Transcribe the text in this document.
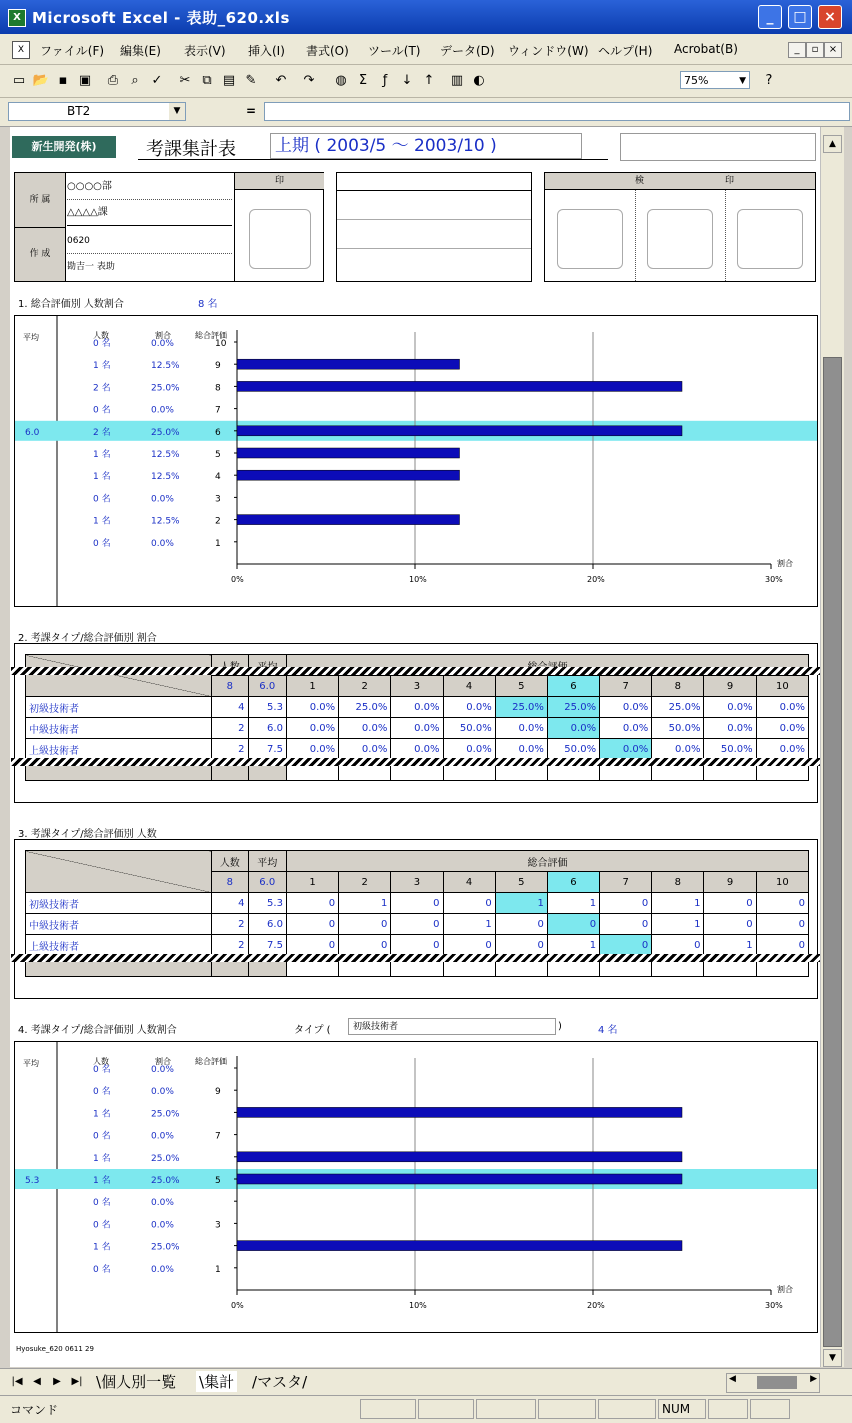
X Microsoft Excel - 表助_620.xls	_	□	×
X	ファイル(F) 編集(E) 表示(V) 挿入(I) 書式(O) ツール(T) データ(D) ウィンドウ(W) ヘルプ(H) Acrobat(B)	_	▫	×
▭ 📂 ▪ ▣ ⎙	⌕ ✓ ✂ ⧉ ▤ ✎ ↶ ↷ ◍ Σ	ƒ	↓ ↑ ▥ ◐	75%	▼	?
BT2	▼	=
新生開発(株)	考課集計表 上期 ( 2003/5 ～ 2003/10 )
所 属
作 成
○○○○部
△△△△課
0620
勘吉一 表助
印	検	印
1. 総合評価別 人数割合	8 名
平均	人数	割合	総合評価
6.0
0%	10%	20%	30%
割合
0 名	0.0%	10
1 名	12.5%	9
2 名	25.0%	8
0 名	0.0%	7
2 名	25.0%	6
1 名	12.5%	5
1 名	12.5%	4
0 名	0.0%	3
1 名	12.5%	2
0 名	0.0%	1
2. 考課タイプ/総合評価別 割合

	8	6.0	1	2	3	4	5	6	7	8	9	10
初級技術者	4	5.3	0.0%	25.0%	0.0%	0.0%	25.0%	25.0%	0.0%	25.0%	0.0%	0.0%
中級技術者	2	6.0	0.0%	0.0%	0.0%	50.0%	0.0%	0.0%	0.0%	50.0%	0.0%	0.0%
上級技術者	2	7.5	0.0%	0.0%	0.0%	0.0%	0.0%	50.0%	0.0%	0.0%	50.0%	0.0%

3. 考課タイプ/総合評価別 人数
	人数	平均	総合評価									
	8	6.0	1	2	3	4	5	6	7	8	9	10
初級技術者	4	5.3	0	1	0	0	1	1	0	1	0	0
中級技術者	2	6.0	0	0	0	1	0	0	0	1	0	0
上級技術者	2	7.5	0	0	0	0	0	1	0	0	1	0

4. 考課タイプ/総合評価別 人数割合	タイプ (	初級技術者	)	4 名
平均	人数	割合	総合評価
5.3
0%	10%	20%	30%
割合
0 名	0.0%
0 名	0.0%	9
1 名	25.0%
0 名	0.0%	7
1 名	25.0%
1 名	25.0%	5
0 名	0.0%
0 名	0.0%	3
1 名	25.0%
0 名	0.0%	1
Hyosuke_620 0611 29
▲
▼
|◀	◀	▶	▶| \個人別一覧 \集計 /マスタ/	◀	▶
コマンド	NUM
